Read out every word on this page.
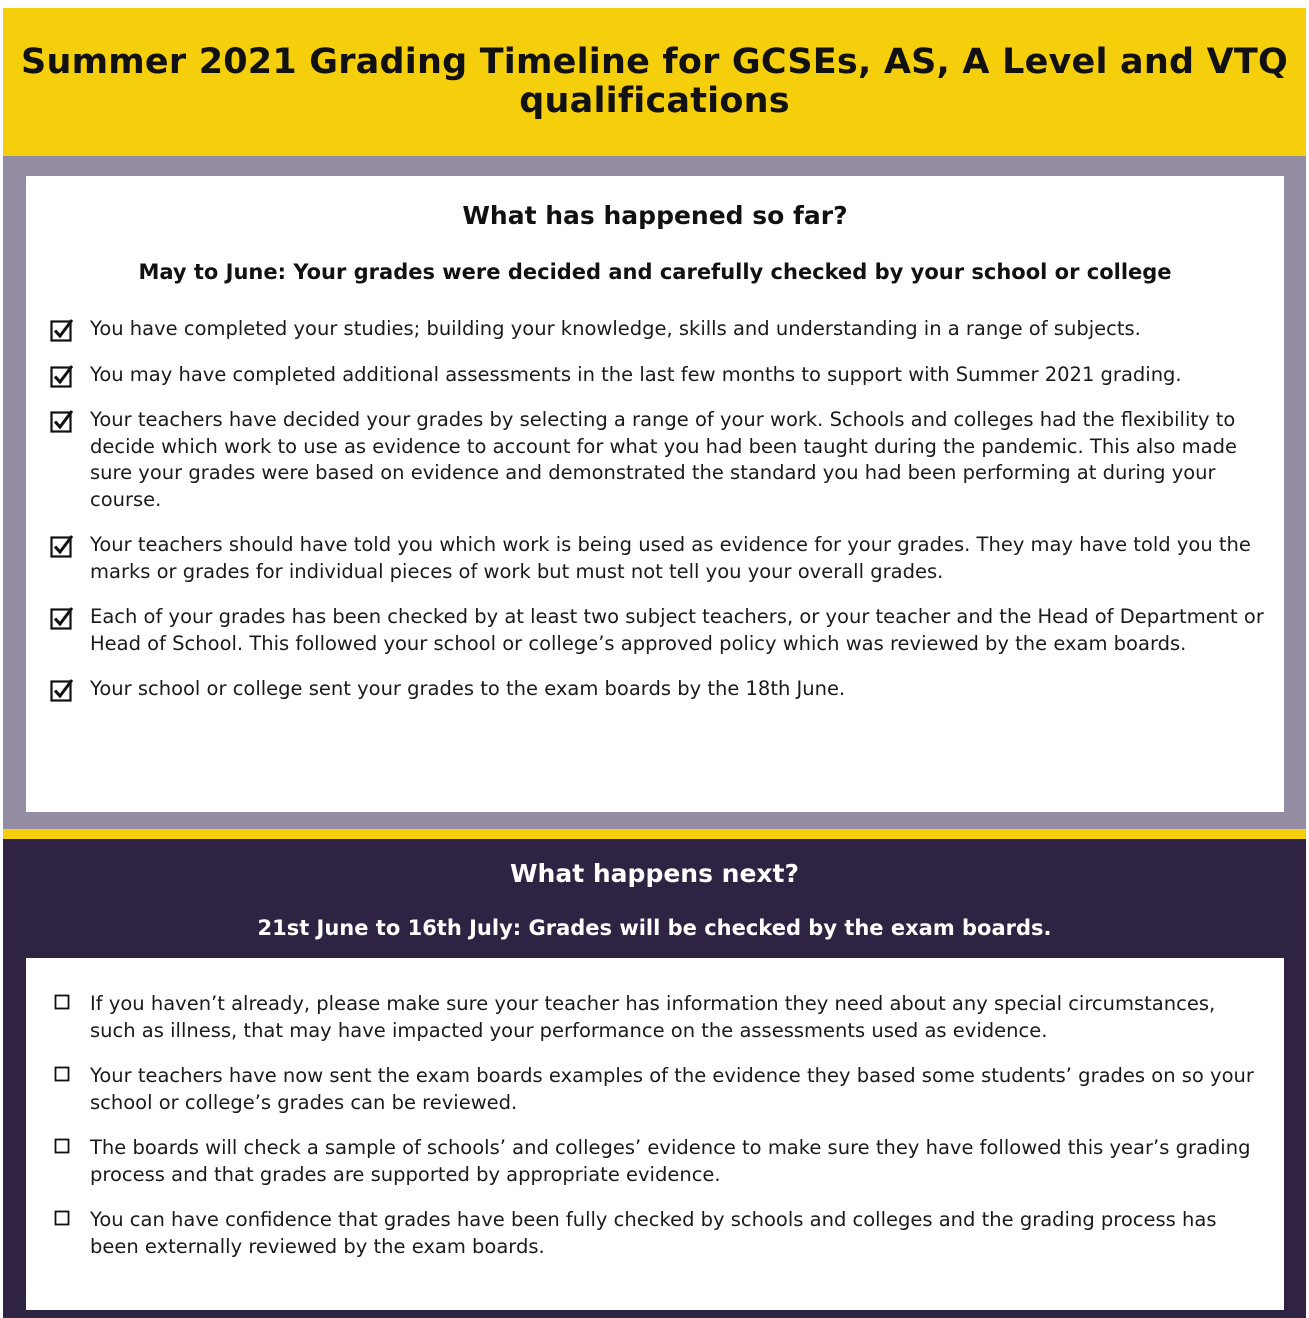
Summer 2021 Grading Timeline for GCSEs, AS, A Level and VTQ qualifications
What has happened so far?
May to June: Your grades were decided and carefully checked by your school or college
You have completed your studies; building your knowledge, skills and understanding in a range of subjects.
You may have completed additional assessments in the last few months to support with Summer 2021 grading.
Your teachers have decided your grades by selecting a range of your work. Schools and colleges had the flexibility to decide which work to use as evidence to account for what you had been taught during the pandemic. This also made sure your grades were based on evidence and demonstrated the standard you had been performing at during your course.
Your teachers should have told you which work is being used as evidence for your grades. They may have told you the marks or grades for individual pieces of work but must not tell you your overall grades.
Each of your grades has been checked by at least two subject teachers, or your teacher and the Head of Department or Head of School. This followed your school or college’s approved policy which was reviewed by the exam boards.
Your school or college sent your grades to the exam boards by the 18th June.
What happens next?
21st June to 16th July: Grades will be checked by the exam boards.
If you haven’t already, please make sure your teacher has information they need about any special circumstances, such as illness, that may have impacted your performance on the assessments used as evidence.
Your teachers have now sent the exam boards examples of the evidence they based some students’ grades on so your school or college’s grades can be reviewed.
The boards will check a sample of schools’ and colleges’ evidence to make sure they have followed this year’s grading process and that grades are supported by appropriate evidence.
You can have confidence that grades have been fully checked by schools and colleges and the grading process has been externally reviewed by the exam boards.
